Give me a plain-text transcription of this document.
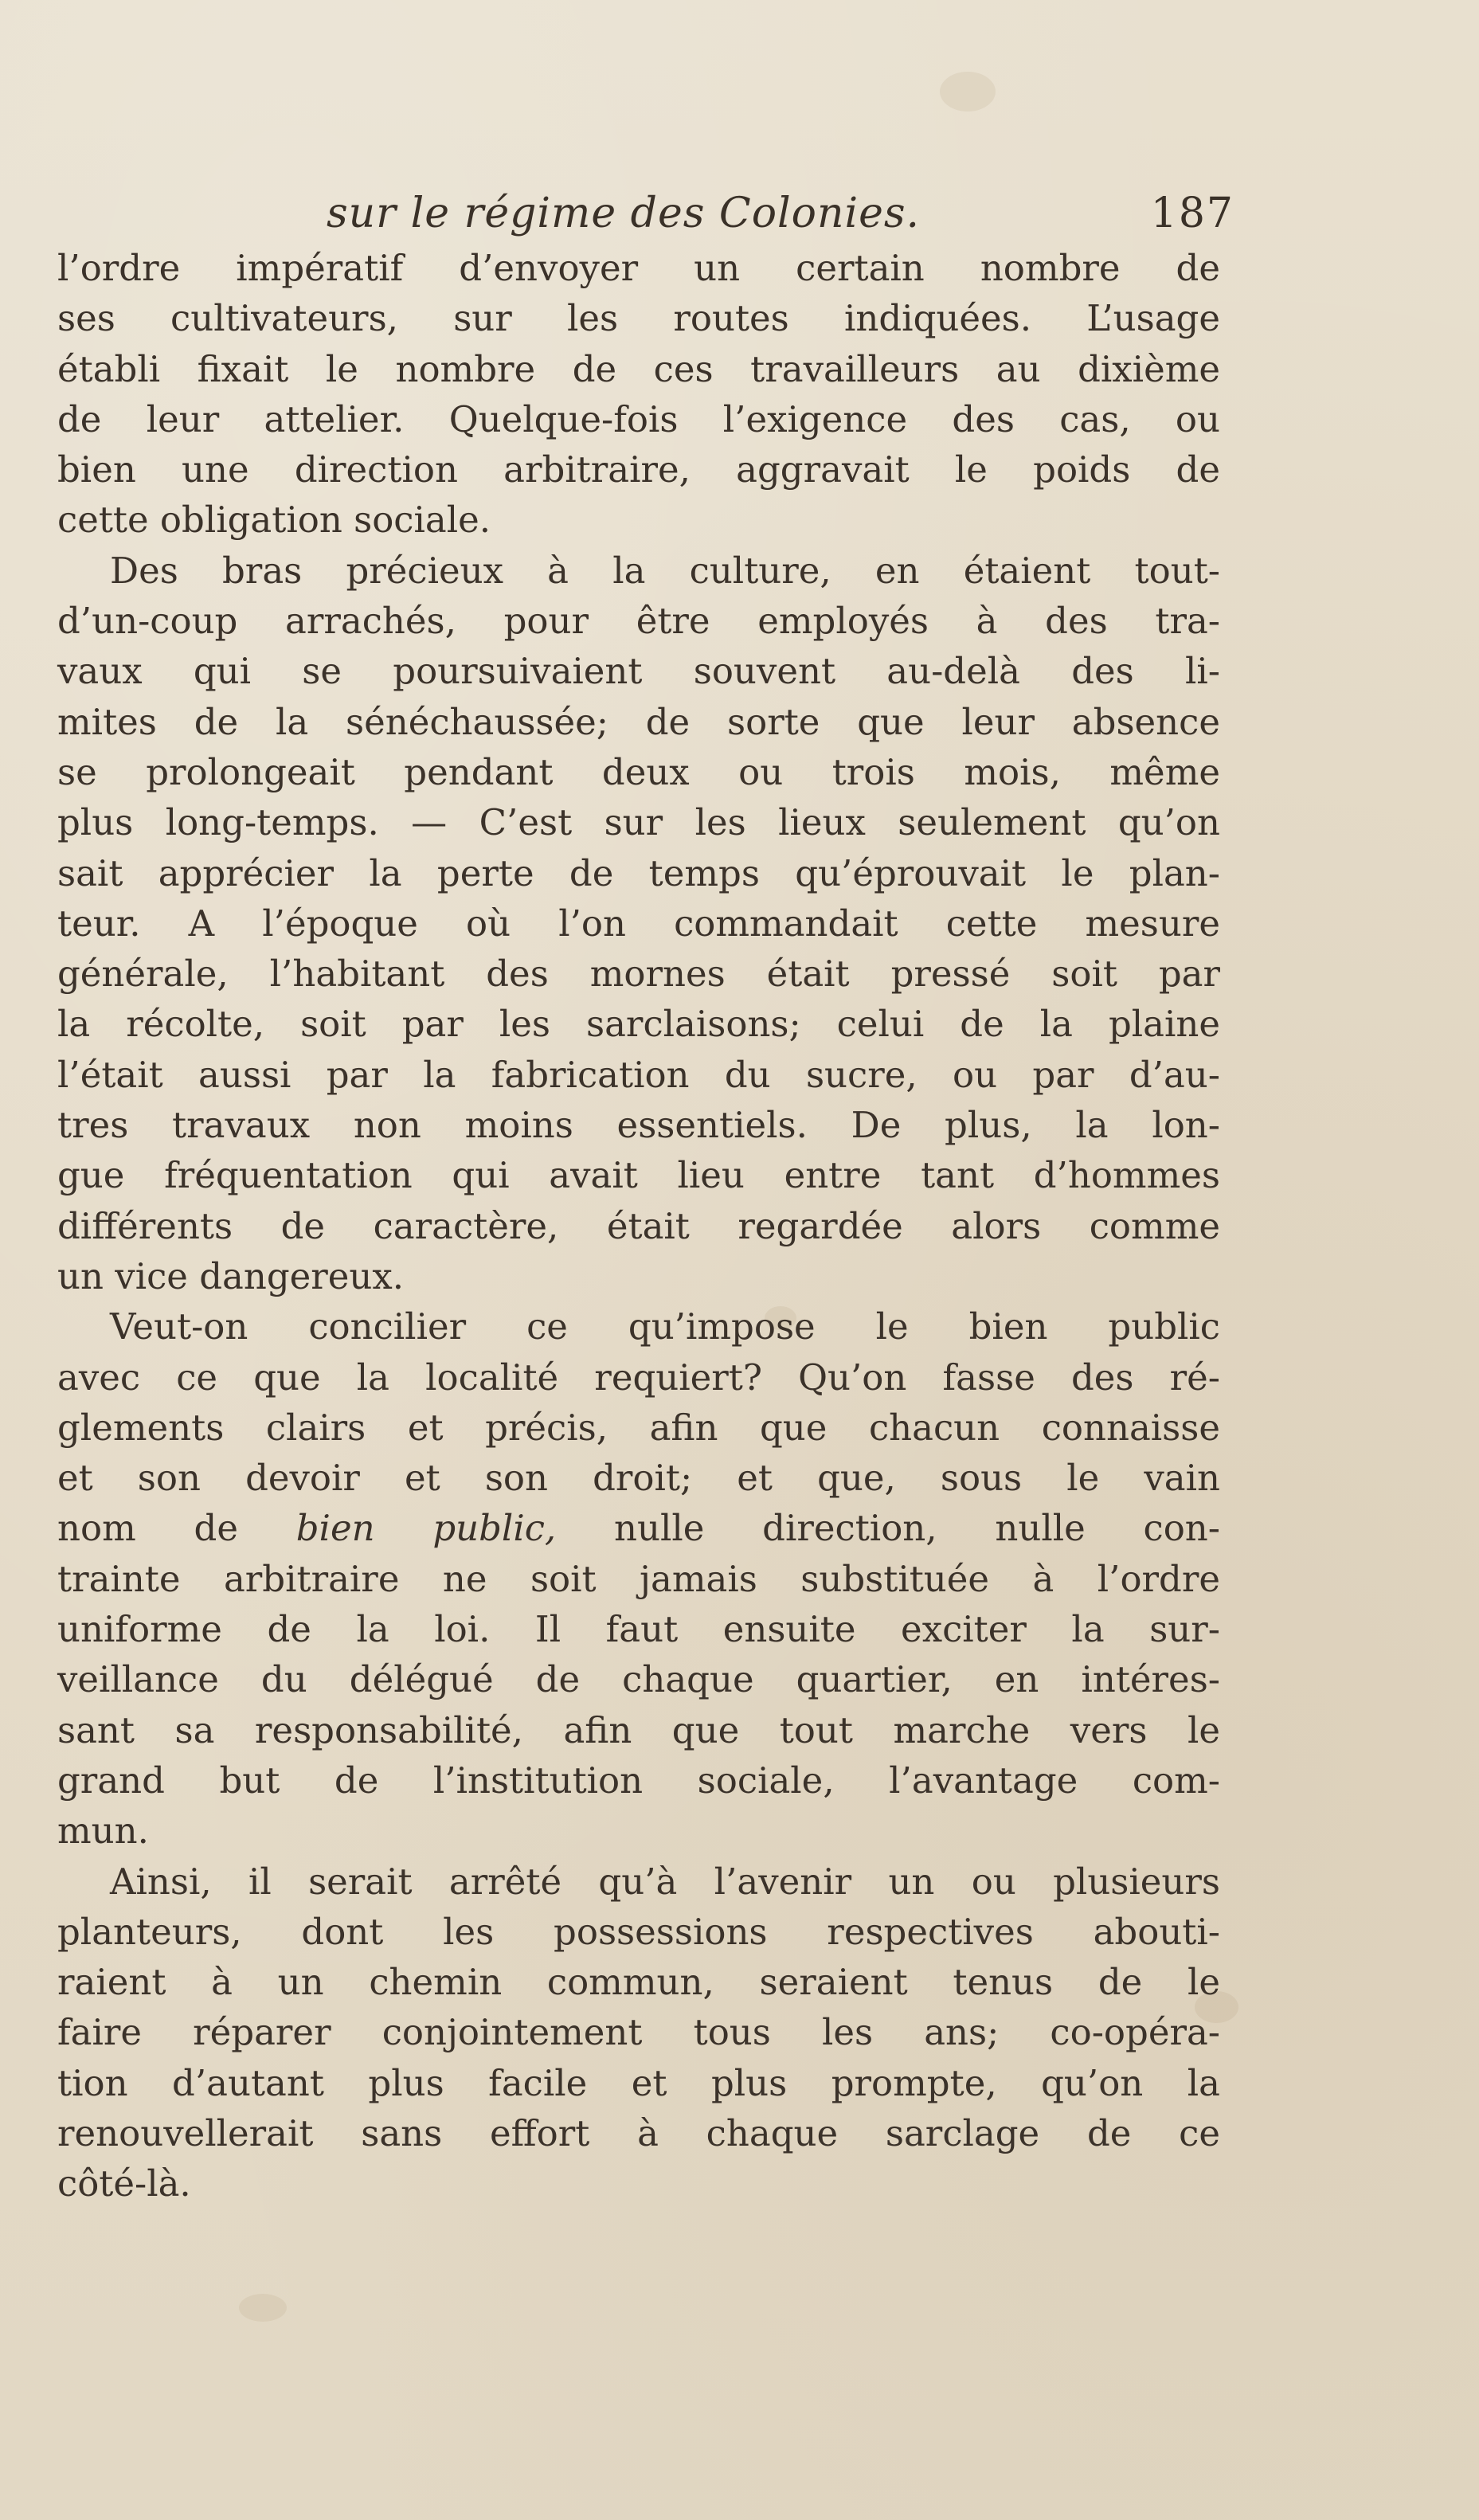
sur le régime des Colonies.	187

l’ordre impératif d’envoyer un certain nombre de
ses cultivateurs, sur les routes indiquées. L’usage
établi fixait le nombre de ces travailleurs au dixième
de leur attelier. Quelque-fois l’exigence des cas, ou
bien une direction arbitraire, aggravait le poids de
cette obligation sociale.

Des bras précieux à la culture, en étaient tout-
d’un-coup arrachés, pour être employés à des tra-
vaux qui se poursuivaient souvent au-delà des li-
mites de la sénéchaussée; de sorte que leur absence
se prolongeait pendant deux ou trois mois, même
plus long-temps. — C’est sur les lieux seulement qu’on
sait apprécier la perte de temps qu’éprouvait le plan-
teur. A l’époque où l’on commandait cette mesure
générale, l’habitant des mornes était pressé soit par
la récolte, soit par les sarclaisons; celui de la plaine
l’était aussi par la fabrication du sucre, ou par d’au-
tres travaux non moins essentiels. De plus, la lon-
gue fréquentation qui avait lieu entre tant d’hommes
différents de caractère, était regardée alors comme
un vice dangereux.

Veut-on concilier ce qu’impose le bien public
avec ce que la localité requiert? Qu’on fasse des ré-
glements clairs et précis, afin que chacun connaisse
et son devoir et son droit; et que, sous le vain
nom de bien public, nulle direction, nulle con-
trainte arbitraire ne soit jamais substituée à l’ordre
uniforme de la loi. Il faut ensuite exciter la sur-
veillance du délégué de chaque quartier, en intéres-
sant sa responsabilité, afin que tout marche vers le
grand but de l’institution sociale, l’avantage com-
mun.

Ainsi, il serait arrêté qu’à l’avenir un ou plusieurs
planteurs, dont les possessions respectives abouti-
raient à un chemin commun, seraient tenus de le
faire réparer conjointement tous les ans; co-opéra-
tion d’autant plus facile et plus prompte, qu’on la
renouvellerait sans effort à chaque sarclage de ce
côté-là.
